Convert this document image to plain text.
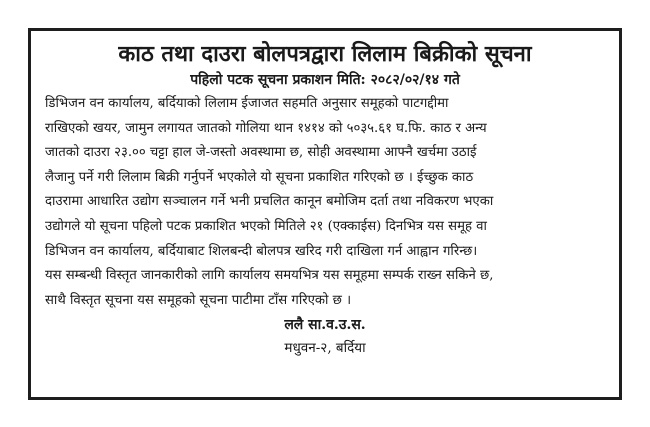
काठ तथा दाउरा बोलपत्रद्वारा लिलाम बिक्रीको सूचना
पहिलो पटक सूचना प्रकाशन मिति: २०८२/०२/१४ गते
डिभिजन वन कार्यालय, बर्दियाको लिलाम ईजाजत सहमति अनुसार समूहको पाटगद्दीमा
राखिएको खयर, जामुन लगायत जातको गोलिया थान १४१४ को ५०३५.६१ घ.फि. काठ र अन्य
जातको दाउरा २३.०० चट्टा हाल जे-जस्तो अवस्थामा छ, सोही अवस्थामा आफ्नै खर्चमा उठाई
लैजानु पर्ने गरी लिलाम बिक्री गर्नुपर्ने भएकोले यो सूचना प्रकाशित गरिएको छ । ईच्छुक काठ
दाउरामा आधारित उद्योग सञ्चालन गर्ने भनी प्रचलित कानून बमोजिम दर्ता तथा नविकरण भएका
उद्योगले यो सूचना पहिलो पटक प्रकाशित भएको मितिले २१ (एक्काईस) दिनभित्र यस समूह वा
डिभिजन वन कार्यालय, बर्दियाबाट शिलबन्दी बोलपत्र खरिद गरी दाखिला गर्न आह्वान गरिन्छ।
यस सम्बन्धी विस्तृत जानकारीको लागि कार्यालय समयभित्र यस समूहमा सम्पर्क राख्न सकिने छ,
साथै विस्तृत सूचना यस समूहको सूचना पाटीमा टाँस गरिएको छ ।
ललै सा.व.उ.स.
मधुवन-२, बर्दिया
